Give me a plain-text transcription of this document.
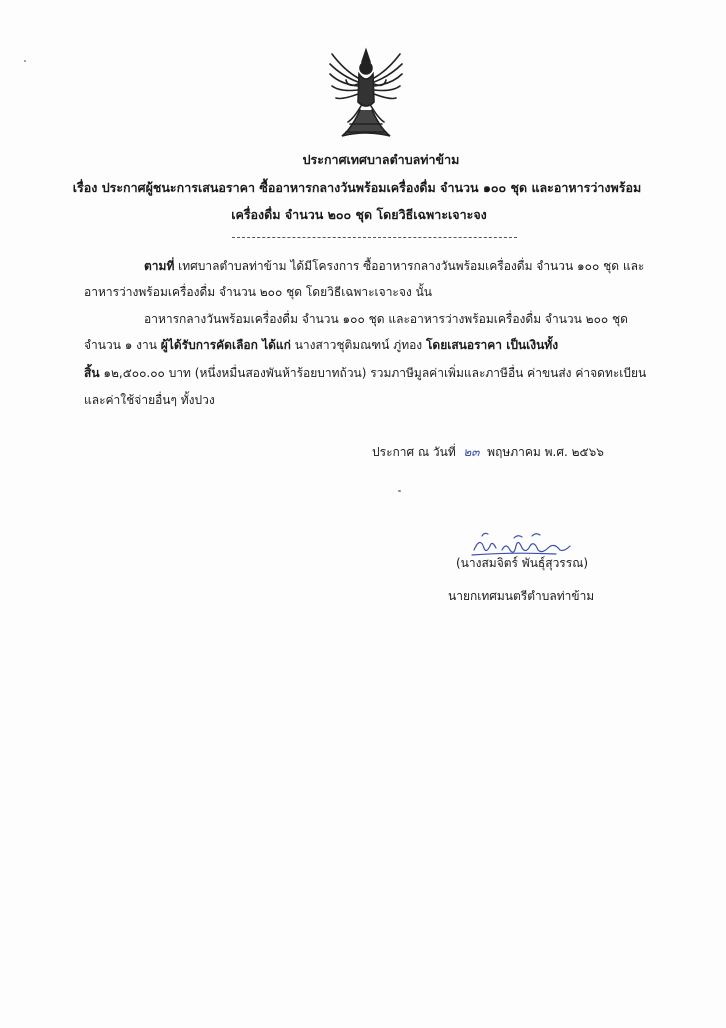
ประกาศเทศบาลตำบลท่าข้าม
เรื่อง ประกาศผู้ชนะการเสนอราคา ซื้ออาหารกลางวันพร้อมเครื่องดื่ม จำนวน ๑๐๐ ชุด และอาหารว่างพร้อม
เครื่องดื่ม จำนวน ๒๐๐ ชุด โดยวิธีเฉพาะเจาะจง
ตามที่ เทศบาลตำบลท่าข้าม ได้มีโครงการ ซื้ออาหารกลางวันพร้อมเครื่องดื่ม จำนวน ๑๐๐ ชุด และ
อาหารว่างพร้อมเครื่องดื่ม จำนวน ๒๐๐ ชุด โดยวิธีเฉพาะเจาะจง นั้น
อาหารกลางวันพร้อมเครื่องดื่ม จำนวน ๑๐๐ ชุด และอาหารว่างพร้อมเครื่องดื่ม จำนวน ๒๐๐ ชุด
จำนวน ๑ งาน ผู้ได้รับการคัดเลือก ได้แก่ นางสาวชุติมณฑน์ ภู่ทอง โดยเสนอราคา เป็นเงินทั้ง
สิ้น ๑๒,๕๐๐.๐๐ บาท (หนึ่งหมื่นสองพันห้าร้อยบาทถ้วน) รวมภาษีมูลค่าเพิ่มและภาษีอื่น ค่าขนส่ง ค่าจดทะเบียน
และค่าใช้จ่ายอื่นๆ ทั้งปวง
ประกาศ ณ วันที่ ๒๓ พฤษภาคม พ.ศ. ๒๕๖๖
(นางสมจิตร์ พันธุ์สุวรรณ)
นายกเทศมนตรีตำบลท่าข้าม
